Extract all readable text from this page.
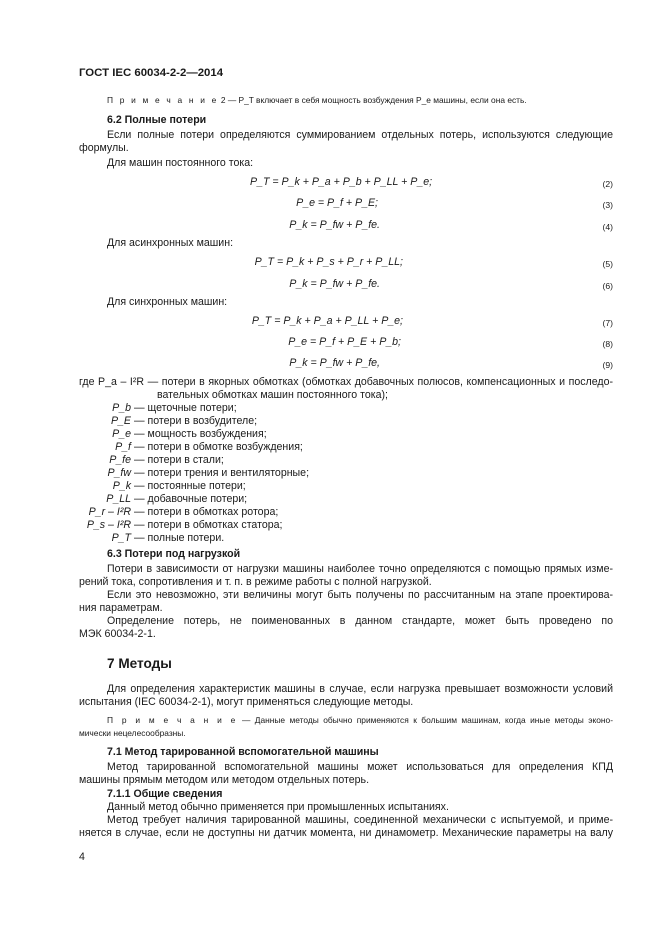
ГОСТ IEC 60034-2-2—2014
П р и м е ч а н и е 2 — P_T включает в себя мощность возбуждения P_e машины, если она есть.
6.2 Полные потери
Если полные потери определяются суммированием отдельных потерь, используются следующие
формулы.
Для машин постоянного тока:
P_T = P_k + P_a + P_b + P_LL + P_e;	(2)
P_e = P_f + P_E;	(3)
P_k = P_fw + P_fe.	(4)
Для асинхронных машин:
P_T = P_k + P_s + P_r + P_LL;	(5)
P_k = P_fw + P_fe.	(6)
Для синхронных машин:
P_T = P_k + P_a + P_LL + P_e;	(7)
P_e = P_f + P_E + P_b;	(8)
P_k = P_fw + P_fe,	(9)
где P_a – I²R — потери в якорных обмотках (обмотках добавочных полюсов, компенсационных и последо-
вательных обмотках машин постоянного тока);
P_b — щеточные потери;
P_E — потери в возбудителе;
P_e — мощность возбуждения;
P_f — потери в обмотке возбуждения;
P_fe — потери в стали;
P_fw — потери трения и вентиляторные;
P_k — постоянные потери;
P_LL — добавочные потери;
P_r – I²R — потери в обмотках ротора;
P_s – I²R — потери в обмотках статора;
P_T — полные потери.
6.3 Потери под нагрузкой
Потери в зависимости от нагрузки машины наиболее точно определяются с помощью прямых изме-
рений тока, сопротивления и т. п. в режиме работы с полной нагрузкой.
Если это невозможно, эти величины могут быть получены по рассчитанным на этапе проектирова-
ния параметрам.
Определение потерь, не поименованных в данном стандарте, может быть проведено по
МЭК 60034-2-1.
7 Методы
Для определения характеристик машины в случае, если нагрузка превышает возможности условий
испытания (IEC 60034-2-1), могут применяться следующие методы.
П р и м е ч а н и е — Данные методы обычно применяются к большим машинам, когда иные методы эконо-
мически нецелесообразны.
7.1 Метод тарированной вспомогательной машины
Метод тарированной вспомогательной машины может использоваться для определения КПД
машины прямым методом или методом отдельных потерь.
7.1.1 Общие сведения
Данный метод обычно применяется при промышленных испытаниях.
Метод требует наличия тарированной машины, соединенной механически с испытуемой, и приме-
няется в случае, если не доступны ни датчик момента, ни динамометр. Механические параметры на валу
4
